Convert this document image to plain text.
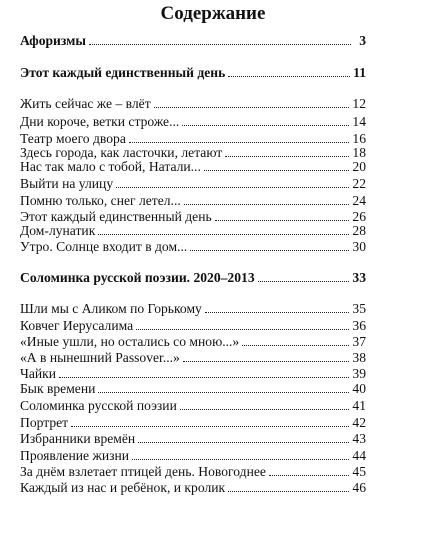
Содержание
Афоризмы	3
Этот каждый единственный день	11
Жить сейчас же – влёт	12
Дни короче, ветки строже...	14
Театр моего двора	16
Здесь города, как ласточки, летают	18
Нас так мало с тобой, Натали...	20
Выйти на улицу	22
Помню только, снег летел...	24
Этот каждый единственный день	26
Дом-лунатик	28
Утро. Солнце входит в дом...	30
Соломинка русской поэзии. 2020–2013	33
Шли мы с Аликом по Горькому	35
Ковчег Иерусалима	36
«Иные ушли, но остались со мною...»	37
«А в нынешний Passover...»	38
Чайки	39
Бык времени	40
Соломинка русской поэзии	41
Портрет	42
Избранники времён	43
Проявление жизни	44
За днём взлетает птицей день. Новогоднее	45
Каждый из нас и ребёнок, и кролик	46
